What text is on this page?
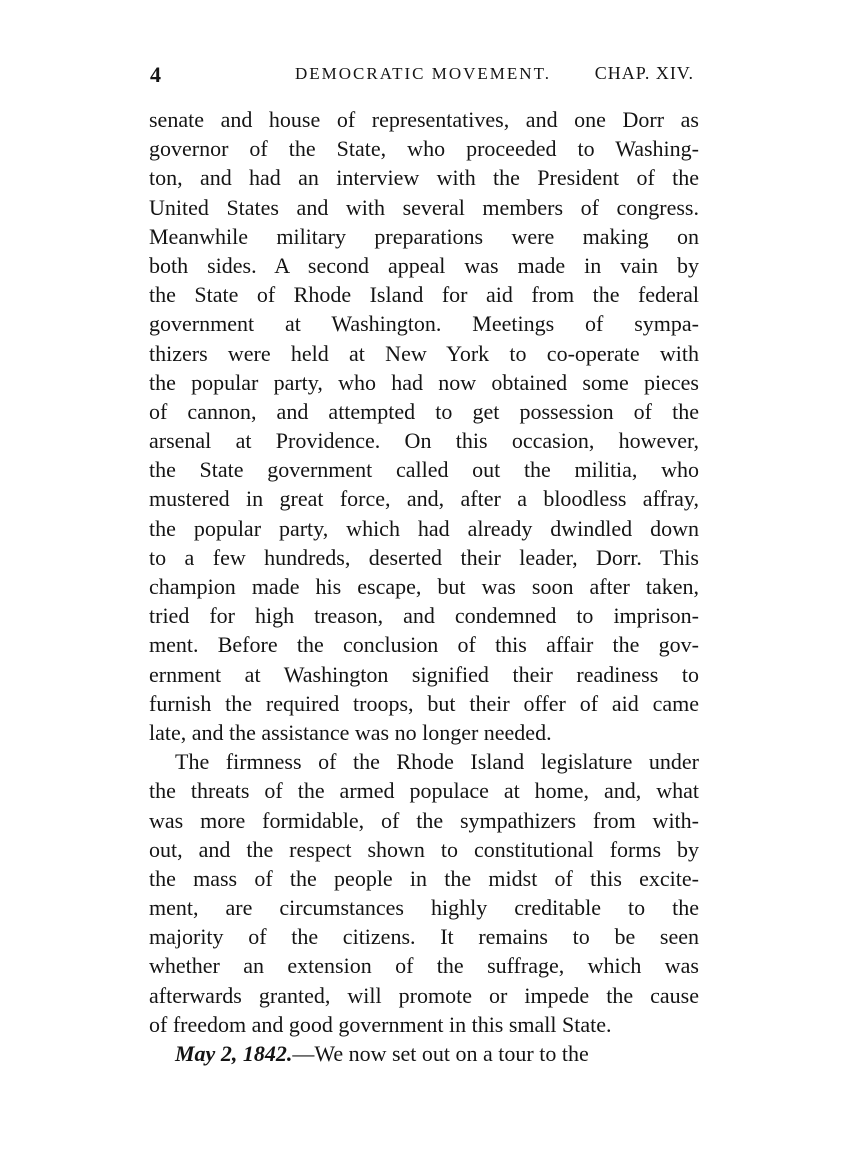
4	DEMOCRATIC MOVEMENT. CHAP. XIV.
senate and house of representatives, and one Dorr as
governor of the State, who proceeded to Washing-
ton, and had an interview with the President of the
United States and with several members of congress.
Meanwhile military preparations were making on
both sides. A second appeal was made in vain by
the State of Rhode Island for aid from the federal
government at Washington. Meetings of sympa-
thizers were held at New York to co-operate with
the popular party, who had now obtained some pieces
of cannon, and attempted to get possession of the
arsenal at Providence. On this occasion, however,
the State government called out the militia, who
mustered in great force, and, after a bloodless affray,
the popular party, which had already dwindled down
to a few hundreds, deserted their leader, Dorr. This
champion made his escape, but was soon after taken,
tried for high treason, and condemned to imprison-
ment. Before the conclusion of this affair the gov-
ernment at Washington signified their readiness to
furnish the required troops, but their offer of aid came
late, and the assistance was no longer needed.
The firmness of the Rhode Island legislature under
the threats of the armed populace at home, and, what
was more formidable, of the sympathizers from with-
out, and the respect shown to constitutional forms by
the mass of the people in the midst of this excite-
ment, are circumstances highly creditable to the
majority of the citizens. It remains to be seen
whether an extension of the suffrage, which was
afterwards granted, will promote or impede the cause
of freedom and good government in this small State.
May 2, 1842.—We now set out on a tour to the
